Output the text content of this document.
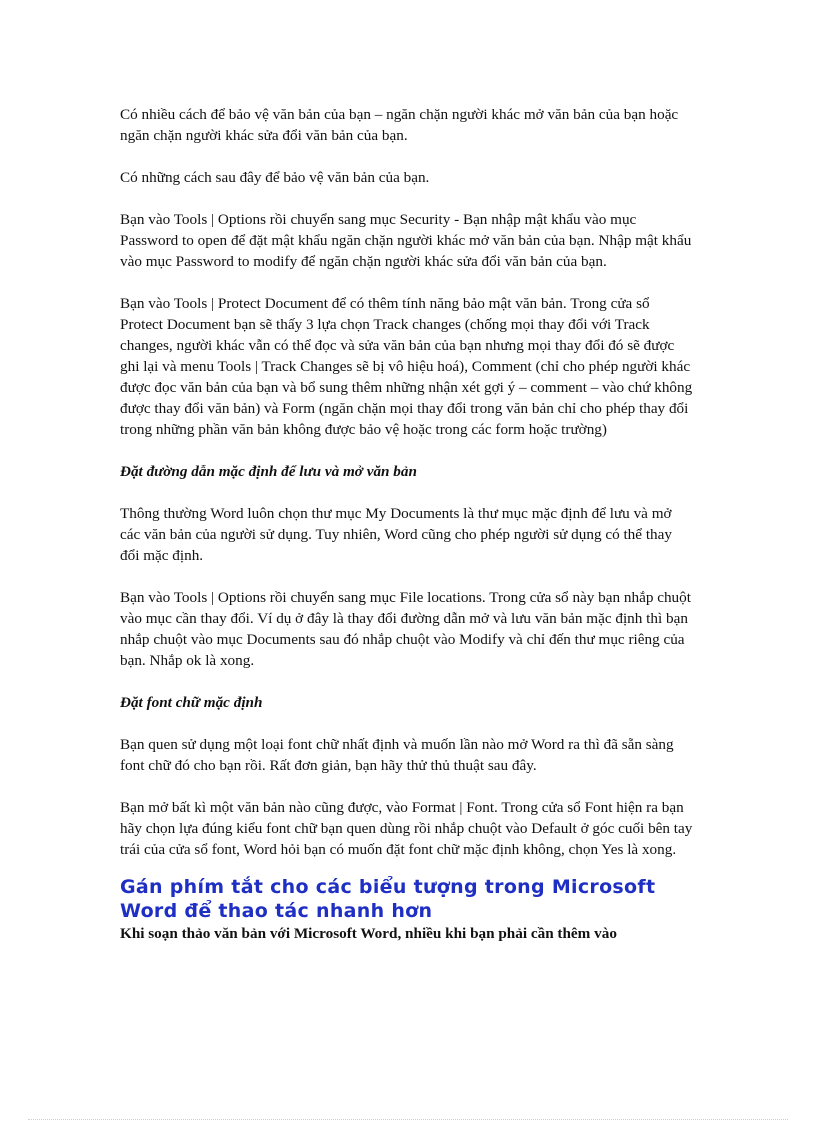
Có nhiều cách để bảo vệ văn bản của bạn – ngăn chặn người khác mở văn bản của bạn hoặc ngăn chặn người khác sửa đổi văn bản của bạn.

Có những cách sau đây để bảo vệ văn bản của bạn.

Bạn vào Tools | Options rồi chuyển sang mục Security - Bạn nhập mật khẩu vào mục Password to open để đặt mật khẩu ngăn chặn người khác mở văn bản của bạn. Nhập mật khẩu vào mục Password to modify để ngăn chặn người khác sửa đổi văn bản của bạn.

Bạn vào Tools | Protect Document để có thêm tính năng bảo mật văn bản. Trong cửa sổ Protect Document bạn sẽ thấy 3 lựa chọn Track changes (chống mọi thay đổi với Track changes, người khác vẫn có thể đọc và sửa văn bản của bạn nhưng mọi thay đổi đó sẽ được ghi lại và menu Tools | Track Changes sẽ bị vô hiệu hoá), Comment (chỉ cho phép người khác được đọc văn bản của bạn và bổ sung thêm những nhận xét gợi ý – comment – vào chứ không được thay đổi văn bản) và Form (ngăn chặn mọi thay đổi trong văn bản chỉ cho phép thay đổi trong những phần văn bản không được bảo vệ hoặc trong các form hoặc trường)

Đặt đường dẫn mặc định để lưu và mở văn bản

Thông thường Word luôn chọn thư mục My Documents là thư mục mặc định để lưu và mở các văn bản của người sử dụng. Tuy nhiên, Word cũng cho phép người sử dụng có thể thay đổi mặc định.

Bạn vào Tools | Options rồi chuyển sang mục File locations. Trong cửa sổ này bạn nhắp chuột vào mục cần thay đổi. Ví dụ ở đây là thay đổi đường dẫn mở và lưu văn bản mặc định thì bạn nhắp chuột vào mục Documents sau đó nhắp chuột vào Modify và chỉ đến thư mục riêng của bạn. Nhắp ok là xong.

Đặt font chữ mặc định

Bạn quen sử dụng một loại font chữ nhất định và muốn lần nào mở Word ra thì đã sẵn sàng font chữ đó cho bạn rồi. Rất đơn giản, bạn hãy thử thủ thuật sau đây.

Bạn mở bất kì một văn bản nào cũng được, vào Format | Font. Trong cửa sổ Font hiện ra bạn hãy chọn lựa đúng kiểu font chữ bạn quen dùng rồi nhắp chuột vào Default ở góc cuối bên tay trái của cửa sổ font, Word hỏi bạn có muốn đặt font chữ mặc định không, chọn Yes là xong.

Gán phím tắt cho các biểu tượng trong Microsoft Word để thao tác nhanh hơn

Khi soạn thảo văn bản với Microsoft Word, nhiều khi bạn phải cần thêm vào
